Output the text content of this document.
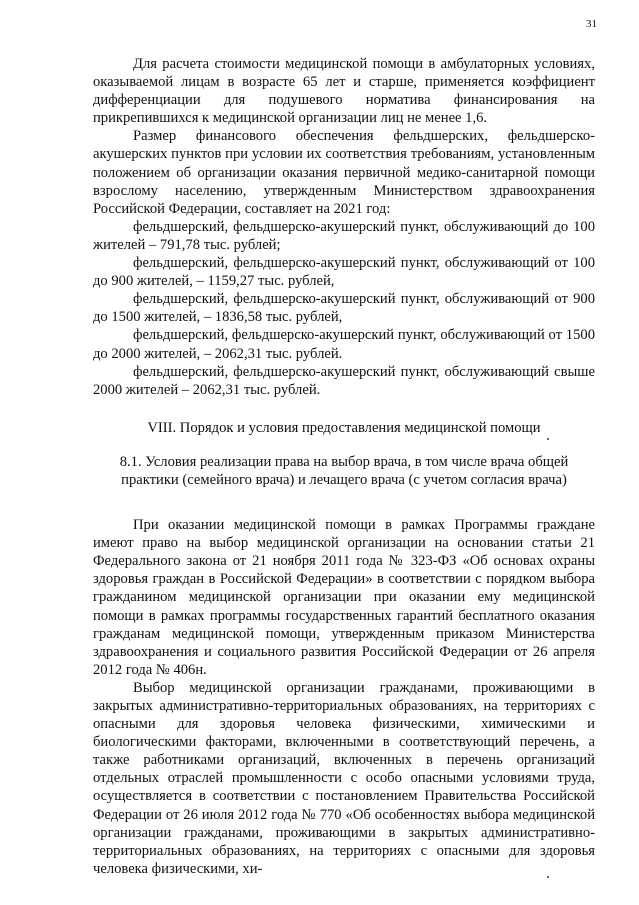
31

Для расчета стоимости медицинской помощи в амбулаторных условиях, оказываемой лицам в возрасте 65 лет и старше, применяется коэффициент дифференциации для подушевого норматива финансирования на прикрепившихся к медицинской организации лиц не менее 1,6.

Размер финансового обеспечения фельдшерских, фельдшерско-акушерских пунктов при условии их соответствия требованиям, установленным положением об организации оказания первичной медико-санитарной помощи взрослому населению, утвержденным Министерством здравоохранения Российской Федерации, составляет на 2021 год:

фельдшерский, фельдшерско-акушерский пункт, обслуживающий до 100 жителей – 791,78 тыс. рублей;

фельдшерский, фельдшерско-акушерский пункт, обслуживающий от 100 до 900 жителей, – 1159,27 тыс. рублей,

фельдшерский, фельдшерско-акушерский пункт, обслуживающий от 900 до 1500 жителей, – 1836,58 тыс. рублей,

фельдшерский, фельдшерско-акушерский пункт, обслуживающий от 1500 до 2000 жителей, – 2062,31 тыс. рублей.

фельдшерский, фельдшерско-акушерский пункт, обслуживающий свыше 2000 жителей – 2062,31 тыс. рублей.

VIII. Порядок и условия предоставления медицинской помощи

8.1. Условия реализации права на выбор врача, в том числе врача общей практики (семейного врача) и лечащего врача (с учетом согласия врача)

При оказании медицинской помощи в рамках Программы граждане имеют право на выбор медицинской организации на основании статьи 21 Федерального закона от 21 ноября 2011 года № 323-ФЗ «Об основах охраны здоровья граждан в Российской Федерации» в соответствии с порядком выбора гражданином медицинской организации при оказании ему медицинской помощи в рамках программы государственных гарантий бесплатного оказания гражданам медицинской помощи, утвержденным приказом Министерства здравоохранения и социального развития Российской Федерации от 26 апреля 2012 года № 406н.

Выбор медицинской организации гражданами, проживающими в закрытых административно-территориальных образованиях, на территориях с опасными для здоровья человека физическими, химическими и биологическими факторами, включенными в соответствующий перечень, а также работниками организаций, включенных в перечень организаций отдельных отраслей промышленности с особо опасными условиями труда, осуществляется в соответствии с постановлением Правительства Российской Федерации от 26 июля 2012 года № 770 «Об особенностях выбора медицинской организации гражданами, проживающими в закрытых административно-территориальных образованиях, на территориях с опасными для здоровья человека физическими, хи-
